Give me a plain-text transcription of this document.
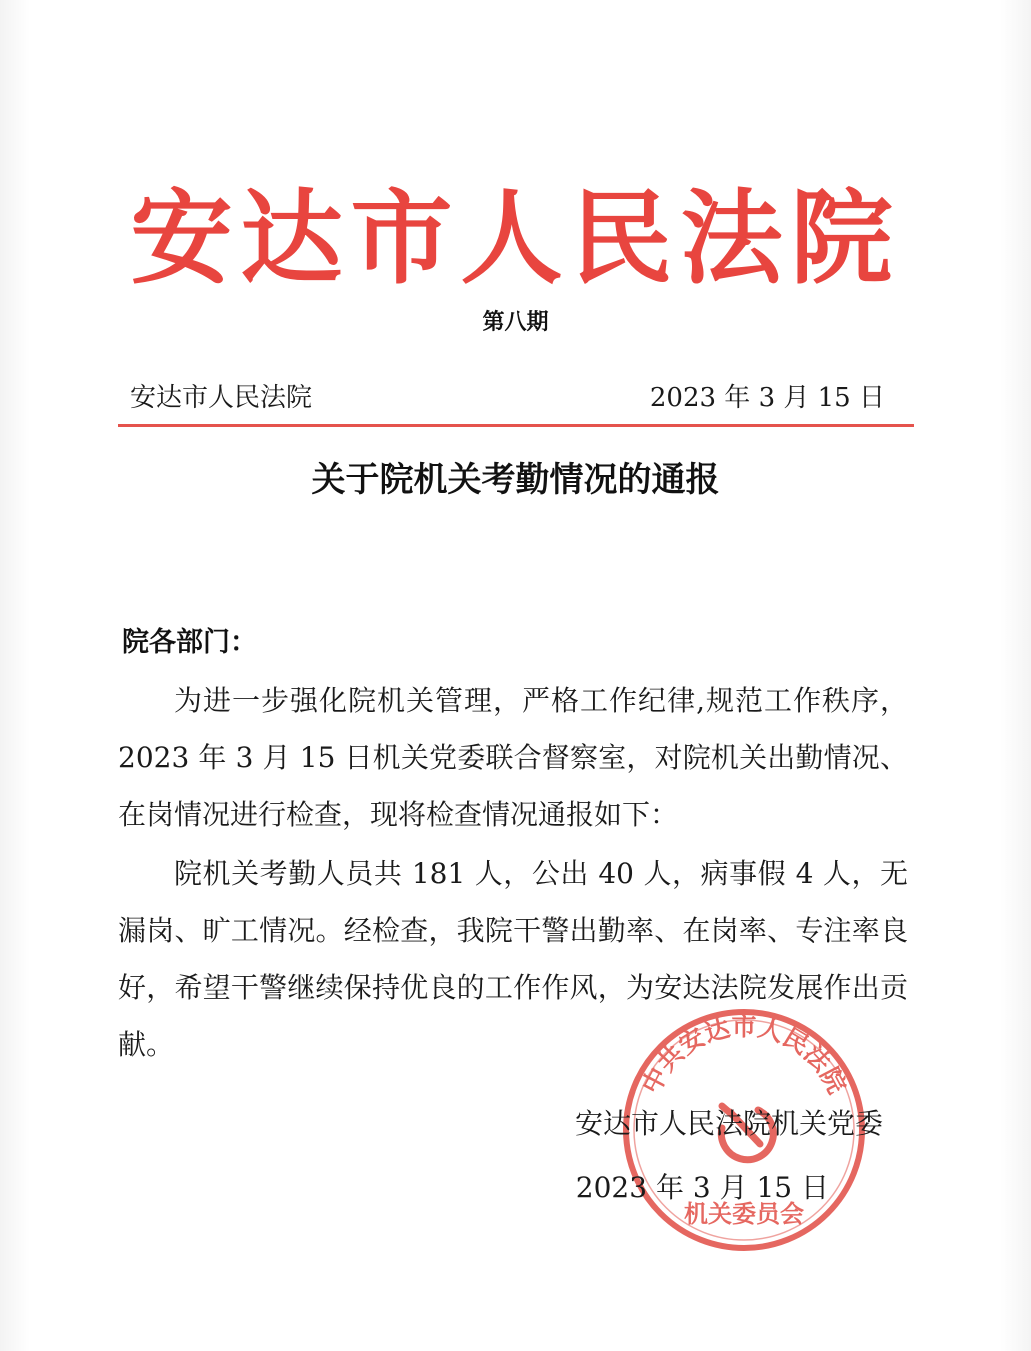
安达市人民法院
第八期
安达市人民法院	2023 年 3 月 15 日
关于院机关考勤情况的通报
院各部门：

为进一步强化院机关管理，严格工作纪律,规范工作秩序，2023 年 3 月 15 日机关党委联合督察室，对院机关出勤情况、在岗情况进行检查，现将检查情况通报如下：

院机关考勤人员共 181 人，公出 40 人，病事假 4 人，无漏岗、旷工情况。经检查，我院干警出勤率、在岗率、专注率良好，希望干警继续保持优良的工作作风，为安达法院发展作出贡献。

中共安达市人民法院
机关委员会
安达市人民法院机关党委
2023 年 3 月 15 日
